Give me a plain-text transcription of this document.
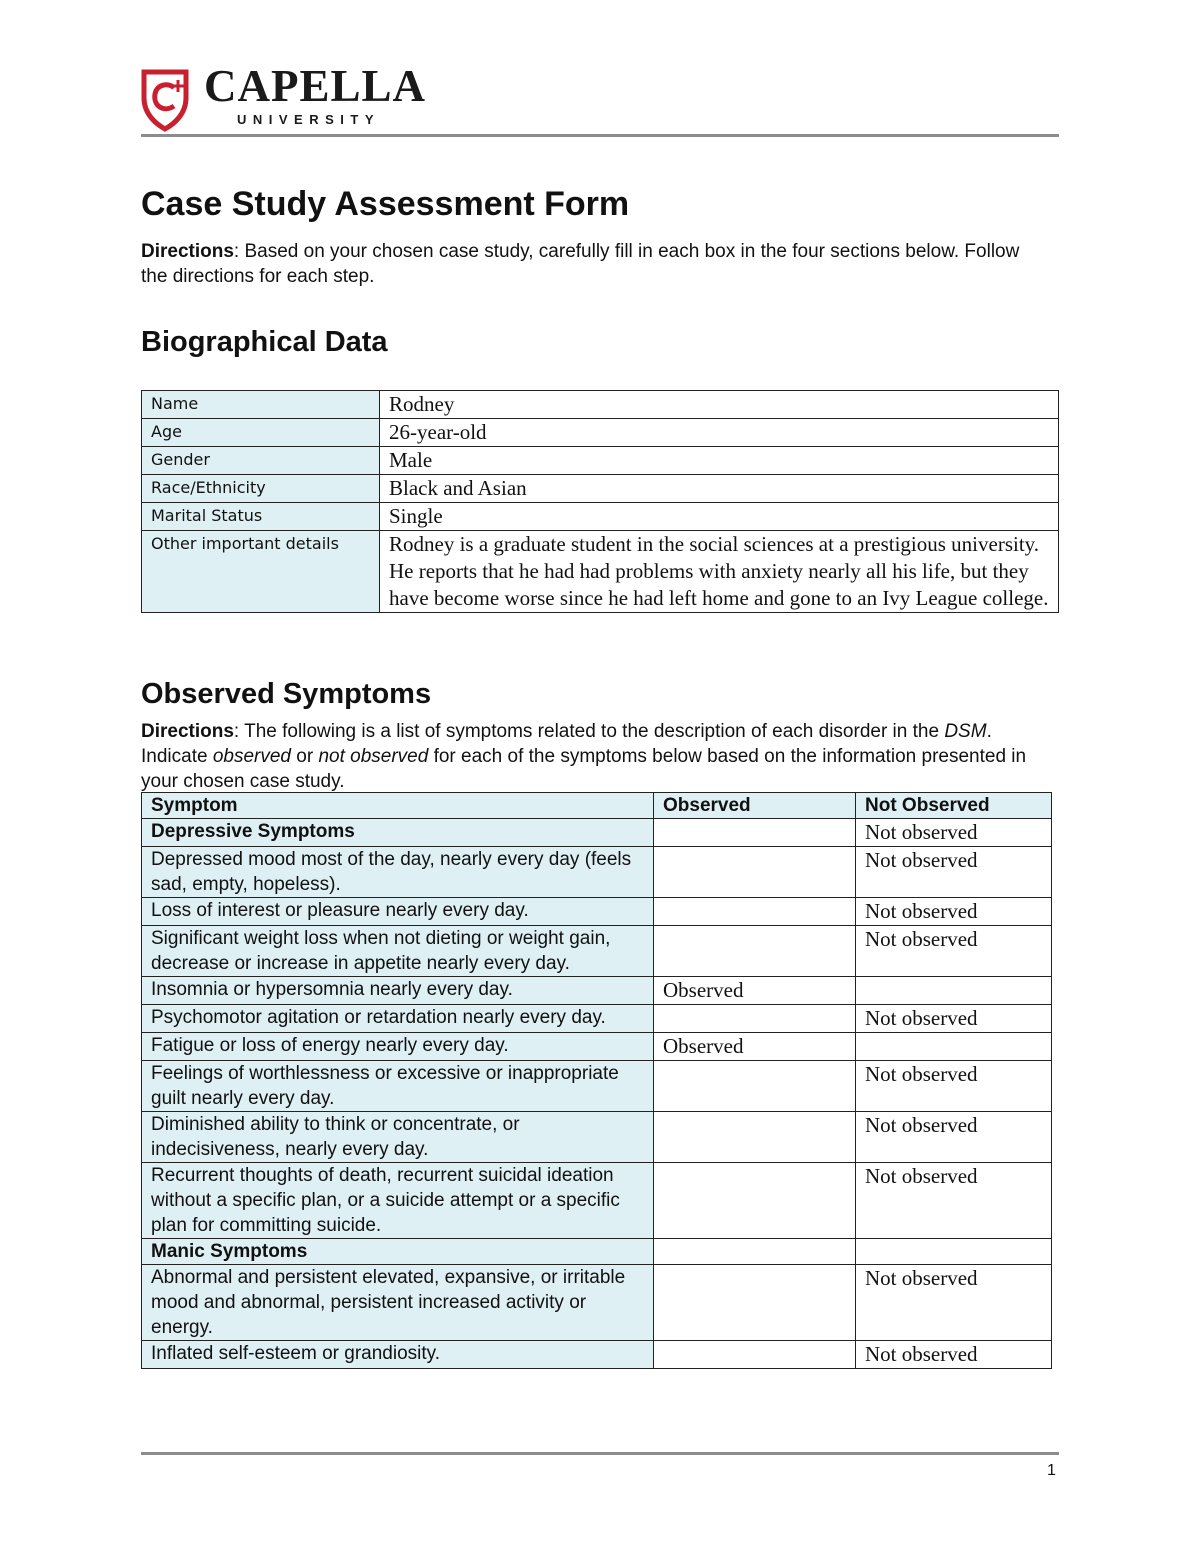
CAPELLA
UNIVERSITY
Case Study Assessment Form

Directions: Based on your chosen case study, carefully fill in each box in the four sections below. Follow the directions for each step.

Biographical Data
Name	Rodney
Age	26-year-old
Gender	Male
Race/Ethnicity	Black and Asian
Marital Status	Single
Other important details	Rodney is a graduate student in the social sciences at a prestigious university. He reports that he had had problems with anxiety nearly all his life, but they have become worse since he had left home and gone to an Ivy League college.
Observed Symptoms

Directions: The following is a list of symptoms related to the description of each disorder in the DSM. Indicate observed or not observed for each of the symptoms below based on the information presented in your chosen case study.

Symptom	Observed	Not Observed
Depressive Symptoms		Not observed
Depressed mood most of the day, nearly every day (feels sad, empty, hopeless).		Not observed
Loss of interest or pleasure nearly every day.		Not observed
Significant weight loss when not dieting or weight gain, decrease or increase in appetite nearly every day.		Not observed
Insomnia or hypersomnia nearly every day.	Observed	
Psychomotor agitation or retardation nearly every day.		Not observed
Fatigue or loss of energy nearly every day.	Observed	
Feelings of worthlessness or excessive or inappropriate guilt nearly every day.		Not observed
Diminished ability to think or concentrate, or indecisiveness, nearly every day.		Not observed
Recurrent thoughts of death, recurrent suicidal ideation without a specific plan, or a suicide attempt or a specific plan for committing suicide.		Not observed
Manic Symptoms		
Abnormal and persistent elevated, expansive, or irritable mood and abnormal, persistent increased activity or energy.		Not observed
Inflated self-esteem or grandiosity.		Not observed
1
